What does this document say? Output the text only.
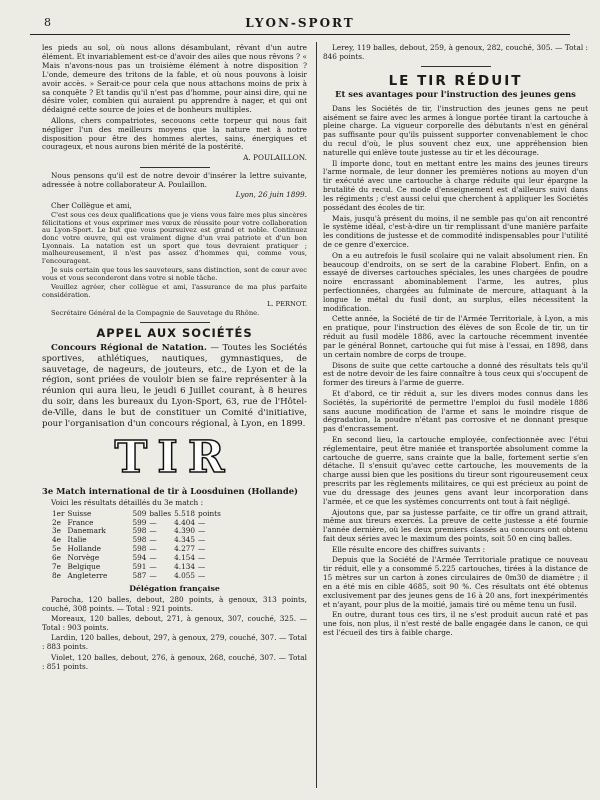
8	LYON-SPORT

les pieds au sol, où nous allons désambulant, rêvant d'un autre élément. Et invariablement est-ce d'avoir des ailes que nous rêvons ? « Mais n'avons-nous pas un troisième élément à notre disposition ? L'onde, demeure des tritons de la fable, et où nous pouvons à loisir avoir accès. » Serait-ce pour cela que nous attachons moins de prix à sa conquête ? Et tandis qu'il n'est pas d'homme, pour ainsi dire, qui ne désire voler, combien qui auraient pu apprendre à nager, et qui ont dédaigné cette source de joies et de bonheurs multiples.

Allons, chers compatriotes, secouons cette torpeur qui nous fait négliger l'un des meilleurs moyens que la nature met à notre disposition pour être des hommes alertes, sains, énergiques et courageux, et nous aurons bien mérité de la postérité.

A. POULAILLON.

Nous pensons qu'il est de notre devoir d'insérer la lettre suivante, adressée à notre collaborateur A. Poulaillon.

Lyon, 26 juin 1899.

Cher Collègue et ami,

C'est sous ces deux qualifications que je viens vous faire mes plus sincères félicitations et vous exprimer mes vœux de réussite pour votre collaboration au Lyon-Sport. Le but que vous poursuivez est grand et noble. Continuez donc votre œuvre, qui est vraiment digne d'un vrai patriote et d'un bon Lyonnais. La natation est un sport que tous devraient pratiquer ; malheureusement, il n'est pas assez d'hommes qui, comme vous, l'encouragent.

Je suis certain que tous les sauveteurs, sans distinction, sont de cœur avec vous et vous seconderont dans votre si noble tâche.

Veuillez agréer, cher collègue et ami, l'assurance de ma plus parfaite considération.

L. PERNOT.

Secrétaire Général de la Compagnie de Sauvetage du Rhône.

APPEL AUX SOCIÉTÉS

Concours Régional de Natation. — Toutes les Sociétés sportives, athlétiques, nautiques, gymnastiques, de sauvetage, de nageurs, de jouteurs, etc., de Lyon et de la région, sont priées de vouloir bien se faire représenter à la réunion qui aura lieu, le jeudi 6 Juillet courant, à 8 heures du soir, dans les bureaux du Lyon-Sport, 63, rue de l'Hôtel-de-Ville, dans le but de constituer un Comité d'initiative, pour l'organisation d'un concours régional, à Lyon, en 1899.

TIR

3e Match international de tir à Loosduinen (Hollande)

Voici les résultats détaillés du 3e match :

1er	Suisse	509	balles	5.518	points
2e	France	599	—	4.404	—
3e	Danemark	598	—	4.390	—
4e	Italie	598	—	4.345	—
5e	Hollande	598	—	4.277	—
6e	Norvège	594	—	4.154	—
7e	Belgique	591	—	4.134	—
8e	Angleterre	587	—	4.055	—
Délégation française

Parocha, 120 balles, debout, 280 points, à genoux, 313 points, couché, 308 points. — Total : 921 points.

Moreaux, 120 balles, debout, 271, à genoux, 307, couché, 325. — Total : 903 points.

Lardin, 120 balles, debout, 297, à genoux, 279, couché, 307. — Total : 883 points.

Violet, 120 balles, debout, 276, à genoux, 268, couché, 307. — Total : 851 points.

Lerey, 119 balles, debout, 259, à genoux, 282, couché, 305. — Total : 846 points.

LE TIR RÉDUIT
Et ses avantages pour l'instruction des jeunes gens

Dans les Sociétés de tir, l'instruction des jeunes gens ne peut aisément se faire avec les armes à longue portée tirant la cartouche à pleine charge. La vigueur corporelle des débutants n'est en général pas suffisante pour qu'ils puissent supporter convenablement le choc du recul d'où, le plus souvent chez eux, une appréhension bien naturelle qui enlève toute justesse au tir et les décourage.

Il importe donc, tout en mettant entre les mains des jeunes tireurs l'arme normale, de leur donner les premières notions au moyen d'un tir exécuté avec une cartouche à charge réduite qui leur épargne la brutalité du recul. Ce mode d'enseignement est d'ailleurs suivi dans les régiments ; c'est aussi celui que cherchent à appliquer les Sociétés possédant des écoles de tir.

Mais, jusqu'à présent du moins, il ne semble pas qu'on ait rencontré le système idéal, c'est-à-dire un tir remplissant d'une manière parfaite les conditions de justesse et de commodité indispensables pour l'utilité de ce genre d'exercice.

On a eu autrefois le fusil scolaire qui ne valait absolument rien. En beaucoup d'endroits, on se sert de la carabine Flobert. Enfin, on a essayé de diverses cartouches spéciales, les unes chargées de poudre noire encrassant abominablement l'arme, les autres, plus perfectionnées, chargées au fulminate de mercure, attaquant à la longue le métal du fusil dont, au surplus, elles nécessitent la modification.

Cette année, la Société de tir de l'Armée Territoriale, à Lyon, a mis en pratique, pour l'instruction des élèves de son École de tir, un tir réduit au fusil modèle 1886, avec la cartouche récemment inventée par le général Bonnet, cartouche qui fut mise à l'essai, en 1898, dans un certain nombre de corps de troupe.

Disons de suite que cette cartouche a donné des résultats tels qu'il est de notre devoir de les faire connaître à tous ceux qui s'occupent de former des tireurs à l'arme de guerre.

Et d'abord, ce tir réduit a, sur les divers modes connus dans les Sociétés, la supériorité de permettre l'emploi du fusil modèle 1886 sans aucune modification de l'arme et sans le moindre risque de dégradation, la poudre n'étant pas corrosive et ne donnant presque pas d'encrassement.

En second lieu, la cartouche employée, confectionnée avec l'étui réglementaire, peut être maniée et transportée absolument comme la cartouche de guerre, sans crainte que la balle, fortement sertie s'en détache. Il s'ensuit qu'avec cette cartouche, les mouvements de la charge aussi bien que les positions du tireur sont rigoureusement ceux prescrits par les règlements militaires, ce qui est précieux au point de vue du dressage des jeunes gens avant leur incorporation dans l'armée, et ce que les systèmes concurrents ont tout à fait négligé.

Ajoutons que, par sa justesse parfaite, ce tir offre un grand attrait, même aux tireurs exercés. La preuve de cette justesse a été fournie l'année dernière, où les deux premiers classés au concours ont obtenu fait deux séries avec le maximum des points, soit 50 en cinq balles.

Elle résulte encore des chiffres suivants :

Depuis que la Société de l'Armée Territoriale pratique ce nouveau tir réduit, elle y a consommé 5.225 cartouches, tirées à la distance de 15 mètres sur un carton à zones circulaires de 0m30 de diamètre ; il en a été mis en cible 4685, soit 90 %. Ces résultats ont été obtenus exclusivement par des jeunes gens de 16 à 20 ans, fort inexpérimentés et n'ayant, pour plus de la moitié, jamais tiré ou même tenu un fusil.

En outre, durant tous ces tirs, il ne s'est produit aucun raté et pas une fois, non plus, il n'est resté de balle engagée dans le canon, ce qui est l'écueil des tirs à faible charge.
